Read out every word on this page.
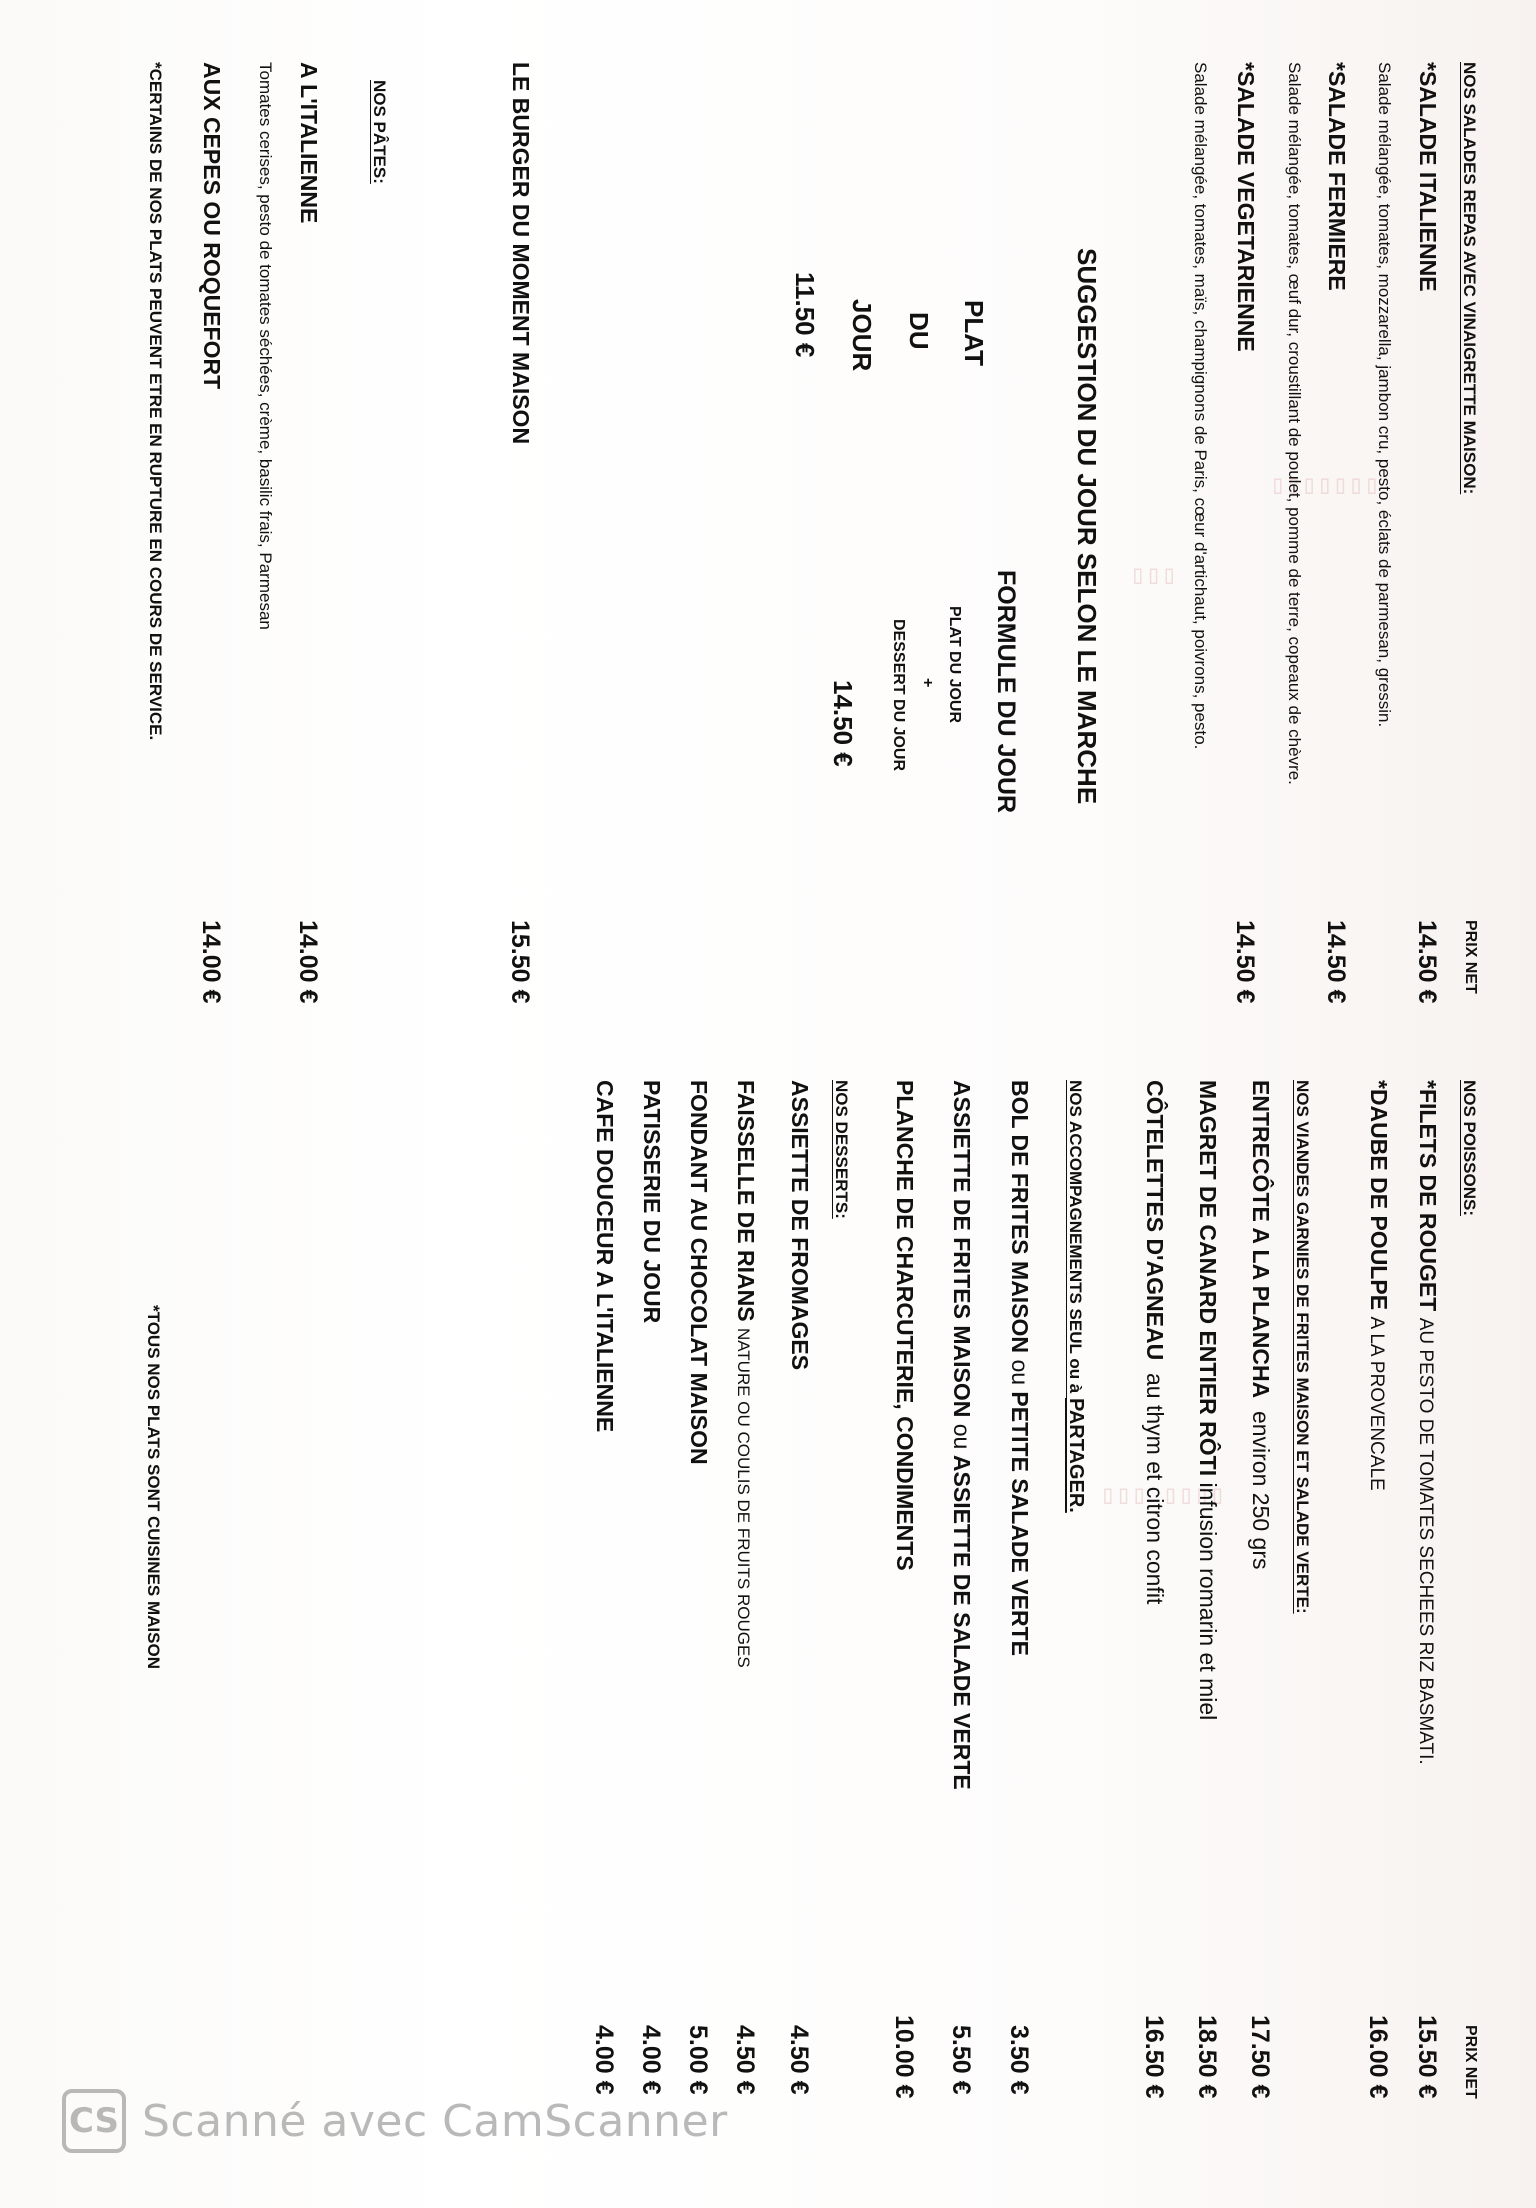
▯▯▯▯▯▯▯
▯▯▯
▯▯▯▯ ▯▯▯
NOS SALADES REPAS AVEC VINAIGRETTE MAISON:
PRIX NET
*SALADE ITALIENNE
14.50 €
Salade mélangée, tomates, mozzarella, jambon cru, pesto, éclats de parmesan, gressin.
*SALADE FERMIERE
14.50 €
Salade mélangée, tomates, œuf dur, croustillant de poulet, pomme de terre, copeaux de chèvre.
*SALADE VEGETARIENNE
14.50 €
Salade mélangée, tomates, maïs, champignons de Paris, cœur d'artichaut, poivrons, pesto.
SUGGESTION DU JOUR SELON LE MARCHE
PLAT
DU
JOUR
11.50 €
FORMULE DU JOUR
PLAT DU JOUR
+
DESSERT DU JOUR
14.50 €
LE BURGER DU MOMENT MAISON
15.50 €
NOS PÂTES:
A L'ITALIENNE
14.00 €
Tomates cerises, pesto de tomates séchées, crème, basilic frais, Parmesan
AUX CEPES OU ROQUEFORT
14.00 €
*CERTAINS DE NOS PLATS PEUVENT ETRE EN RUPTURE EN COURS DE SERVICE.
NOS POISSONS:
PRIX NET
*FILETS DE ROUGET AU PESTO DE TOMATES SECHEES RIZ BASMATI.
15.50 €
*DAUBE DE POULPE A LA PROVENCALE
16.00 €
NOS VIANDES GARNIES DE FRITES MAISON ET SALADE VERTE:
ENTRECÔTE A LA PLANCHA  environ 250 grs
17.50 €
MAGRET DE CANARD ENTIER RÔTI infusion romarin et miel
18.50 €
CÔTELETTES D'AGNEAU  au thym et citron confit
16.50 €
NOS ACCOMPAGNEMENTS SEUL ou à PARTAGER.
BOL DE FRITES MAISON ou PETITE SALADE VERTE
3.50 €
ASSIETTE DE FRITES MAISON ou ASSIETTE DE SALADE VERTE
5.50 €
PLANCHE DE CHARCUTERIE, CONDIMENTS
10.00 €
NOS DESSERTS:
ASSIETTE DE FROMAGES
4.50 €
FAISSELLE DE RIANS NATURE OU COULIS DE FRUITS ROUGES
4.50 €
FONDANT AU CHOCOLAT MAISON
5.00 €
PATISSERIE DU JOUR
4.00 €
CAFE DOUCEUR A L'ITALIENNE
4.00 €
*TOUS NOS PLATS SONT CUISINES MAISON
CS Scanné avec CamScanner
